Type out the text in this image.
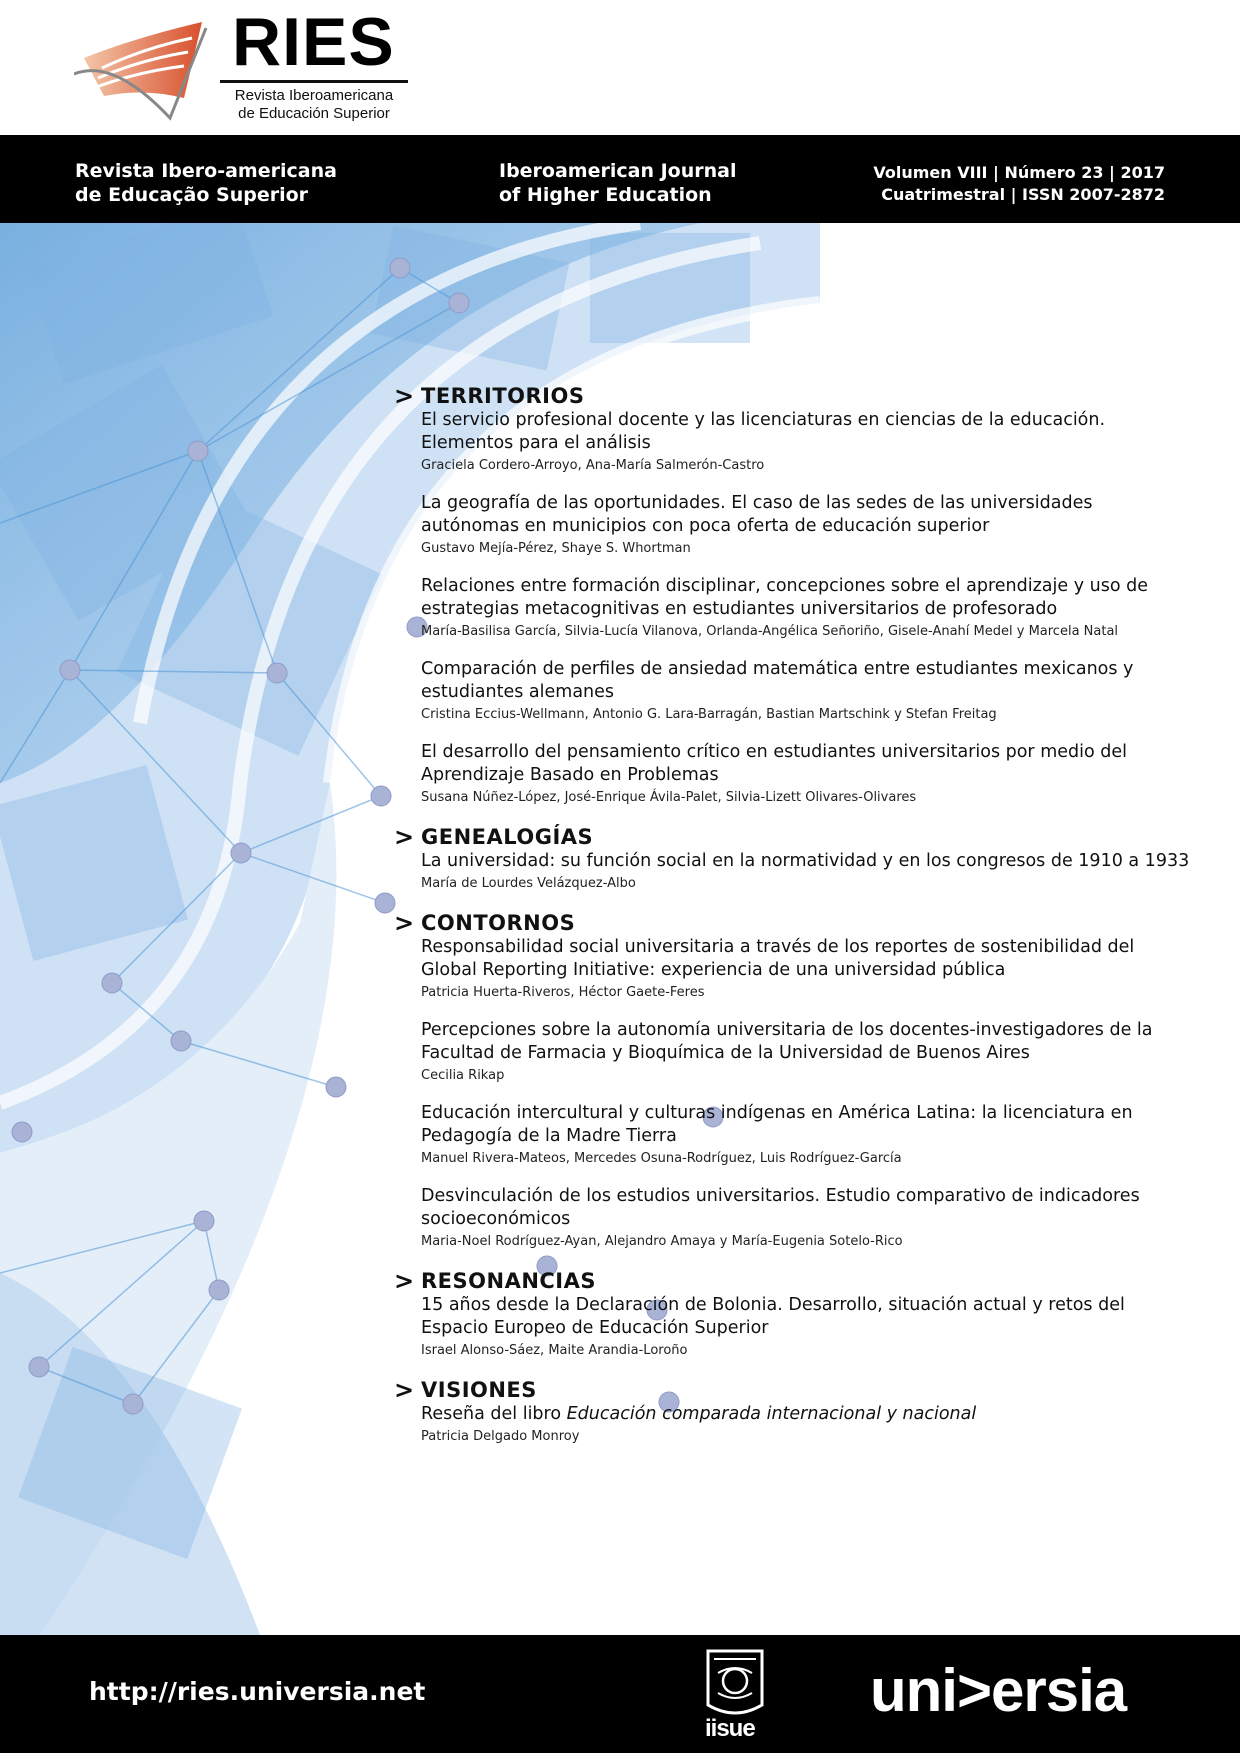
RIES
Revista Iberoamericana
de Educación Superior
Revista Ibero-americana
de Educação Superior
Iberoamerican Journal
of Higher Education
Volumen VIII | Número 23 | 2017
Cuatrimestral | ISSN 2007-2872
> TERRITORIOS
El servicio profesional docente y las licenciaturas en ciencias de la educación. Elementos para el análisis
Graciela Cordero-Arroyo, Ana-María Salmerón-Castro
La geografía de las oportunidades. El caso de las sedes de las universidades autónomas en municipios con poca oferta de educación superior
Gustavo Mejía-Pérez, Shaye S. Whortman
Relaciones entre formación disciplinar, concepciones sobre el aprendizaje y uso de estrategias metacognitivas en estudiantes universitarios de profesorado
María-Basilisa García, Silvia-Lucía Vilanova, Orlanda-Angélica Señoriño, Gisele-Anahí Medel y Marcela Natal
Comparación de perfiles de ansiedad matemática entre estudiantes mexicanos y estudiantes alemanes
Cristina Eccius-Wellmann, Antonio G. Lara-Barragán, Bastian Martschink y Stefan Freitag
El desarrollo del pensamiento crítico en estudiantes universitarios por medio del Aprendizaje Basado en Problemas
Susana Núñez-López, José-Enrique Ávila-Palet, Silvia-Lizett Olivares-Olivares
> GENEALOGÍAS
La universidad: su función social en la normatividad y en los congresos de 1910 a 1933
María de Lourdes Velázquez-Albo
> CONTORNOS
Responsabilidad social universitaria a través de los reportes de sostenibilidad del Global Reporting Initiative: experiencia de una universidad pública
Patricia Huerta-Riveros, Héctor Gaete-Feres
Percepciones sobre la autonomía universitaria de los docentes-investigadores de la Facultad de Farmacia y Bioquímica de la Universidad de Buenos Aires
Cecilia Rikap
Educación intercultural y culturas indígenas en América Latina: la licenciatura en Pedagogía de la Madre Tierra
Manuel Rivera-Mateos, Mercedes Osuna-Rodríguez, Luis Rodríguez-García
Desvinculación de los estudios universitarios. Estudio comparativo de indicadores socioeconómicos
Maria-Noel Rodríguez-Ayan, Alejandro Amaya y María-Eugenia Sotelo-Rico
> RESONANCIAS
15 años desde la Declaración de Bolonia. Desarrollo, situación actual y retos del Espacio Europeo de Educación Superior
Israel Alonso-Sáez, Maite Arandia-Loroño
> VISIONES
Reseña del libro Educación comparada internacional y nacional
Patricia Delgado Monroy
http://ries.universia.net
iisue
uni>ersia
